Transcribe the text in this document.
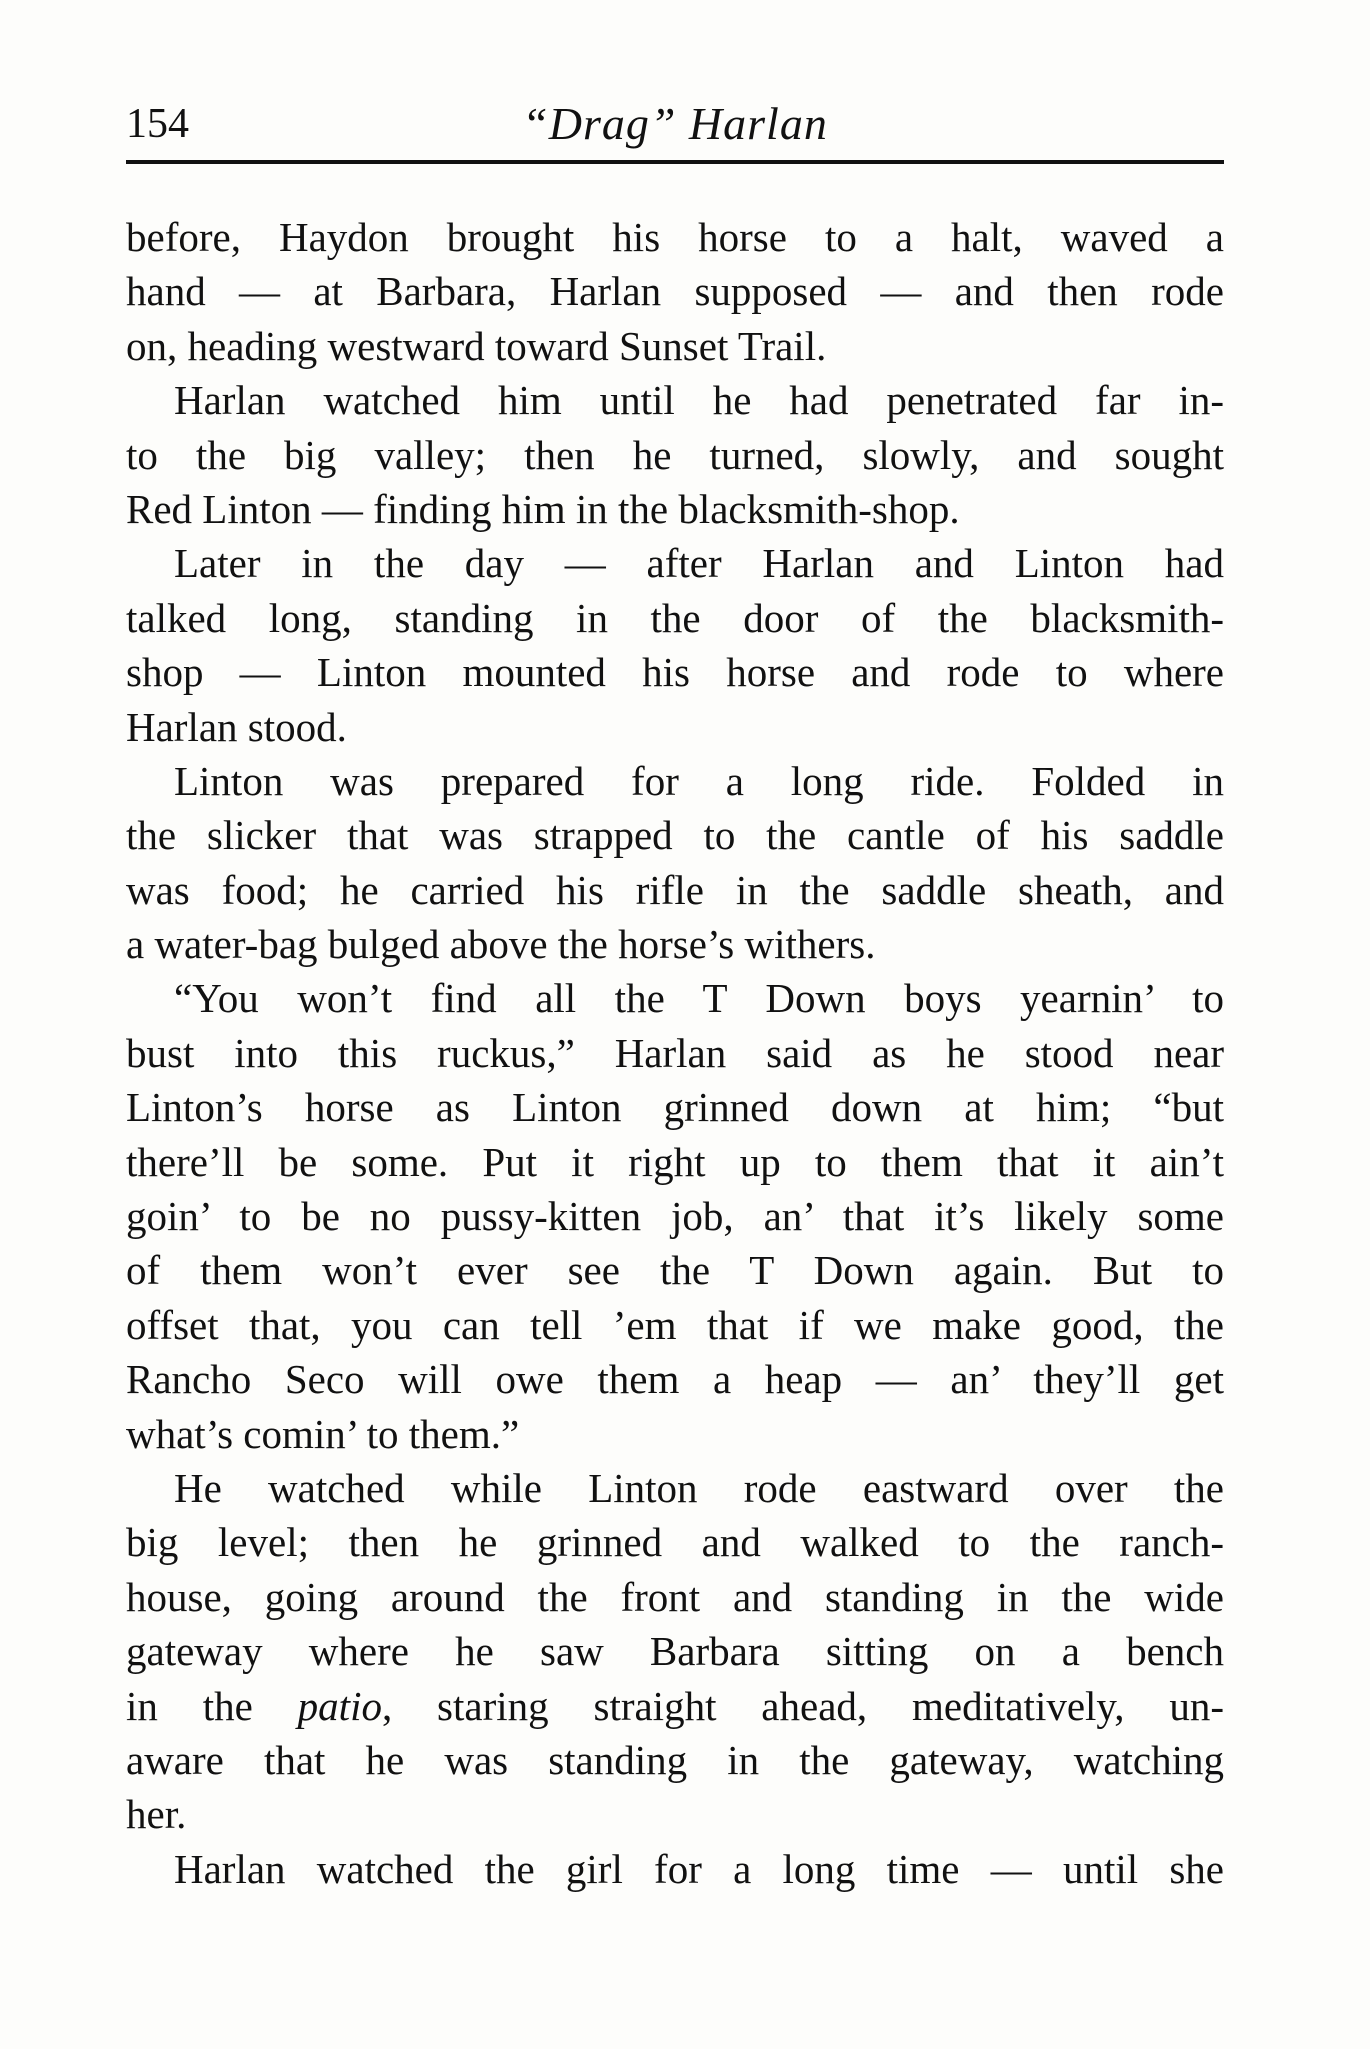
154	“Drag” Harlan
before, Haydon brought his horse to a halt, waved a
hand — at Barbara, Harlan supposed — and then rode
on, heading westward toward Sunset Trail.
Harlan watched him until he had penetrated far in-
to the big valley; then he turned, slowly, and sought
Red Linton — finding him in the blacksmith-shop.
Later in the day — after Harlan and Linton had
talked long, standing in the door of the blacksmith-
shop — Linton mounted his horse and rode to where
Harlan stood.
Linton was prepared for a long ride. Folded in
the slicker that was strapped to the cantle of his saddle
was food; he carried his rifle in the saddle sheath, and
a water-bag bulged above the horse’s withers.
“You won’t find all the T Down boys yearnin’ to
bust into this ruckus,” Harlan said as he stood near
Linton’s horse as Linton grinned down at him; “but
there’ll be some. Put it right up to them that it ain’t
goin’ to be no pussy-kitten job, an’ that it’s likely some
of them won’t ever see the T Down again. But to
offset that, you can tell ’em that if we make good, the
Rancho Seco will owe them a heap — an’ they’ll get
what’s comin’ to them.”
He watched while Linton rode eastward over the
big level; then he grinned and walked to the ranch-
house, going around the front and standing in the wide
gateway where he saw Barbara sitting on a bench
in the patio, staring straight ahead, meditatively, un-
aware that he was standing in the gateway, watching
her.
Harlan watched the girl for a long time — until she
